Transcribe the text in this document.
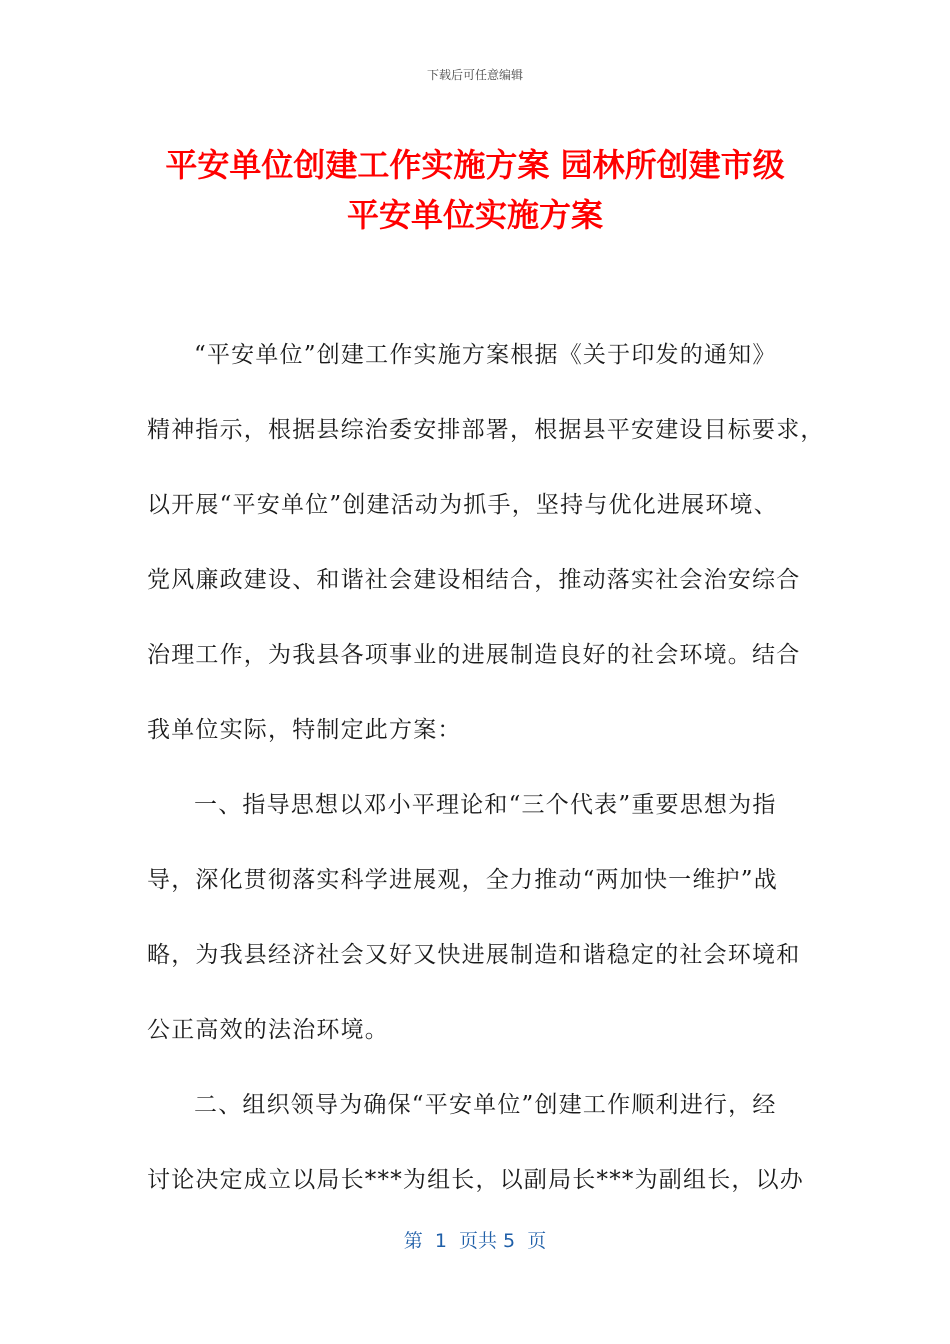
下载后可任意编辑
平安单位创建工作实施方案 园林所创建市级
平安单位实施方案
“平安单位”创建工作实施方案根据《关于印发的通知》
精神指示，根据县综治委安排部署，根据县平安建设目标要求，
以开展“平安单位”创建活动为抓手，坚持与优化进展环境、
党风廉政建设、和谐社会建设相结合，推动落实社会治安综合
治理工作，为我县各项事业的进展制造良好的社会环境。结合
我单位实际，特制定此方案：
一、指导思想以邓小平理论和“三个代表”重要思想为指
导，深化贯彻落实科学进展观，全力推动“两加快一维护”战
略，为我县经济社会又好又快进展制造和谐稳定的社会环境和
公正高效的法治环境。
二、组织领导为确保“平安单位”创建工作顺利进行，经
讨论决定成立以局长***为组长，以副局长***为副组长，以办
第  1  页共 5  页
